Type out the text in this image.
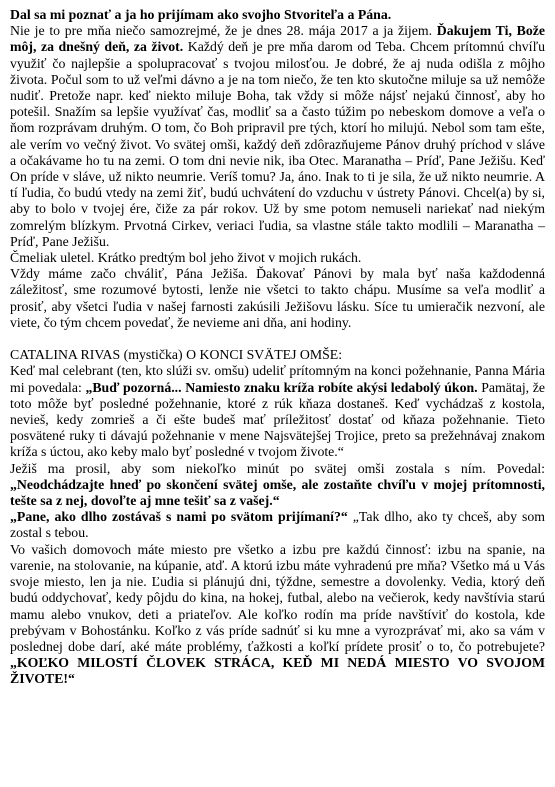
Dal sa mi poznať a ja ho prijímam ako svojho Stvoriteľa a Pána.

Nie je to pre mňa niečo samozrejmé, že je dnes 28. mája 2017 a ja žijem. Ďakujem Ti, Bože môj, za dnešný deň, za život. Každý deň je pre mňa darom od Teba. Chcem prítomnú chvíľu využiť čo najlepšie a spolupracovať s tvojou milosťou. Je dobré, že aj nuda odišla z môjho života. Počul som to už veľmi dávno a je na tom niečo, že ten kto skutočne miluje sa už nemôže nudiť. Pretože napr. keď niekto miluje Boha, tak vždy si môže nájsť nejakú činnosť, aby ho potešil. Snažím sa lepšie využívať čas, modliť sa a často túžim po nebeskom domove a veľa o ňom rozprávam druhým. O tom, čo Boh pripravil pre tých, ktorí ho milujú. Nebol som tam ešte, ale verím vo večný život. Vo svätej omši, každý deň zdôrazňujeme Pánov druhý príchod v sláve a očakávame ho tu na zemi. O tom dni nevie nik, iba Otec. Maranatha – Príď, Pane Ježišu. Keď On príde v sláve, už nikto neumrie. Veríš tomu? Ja, áno. Inak to ti je sila, že už nikto neumrie. A tí ľudia, čo budú vtedy na zemi žiť, budú uchvátení do vzduchu v ústrety Pánovi. Chcel(a) by si, aby to bolo v tvojej ére, čiže za pár rokov. Už by sme potom nemuseli nariekať nad niekým zomrelým blízkym. Prvotná Cirkev, veriaci ľudia, sa vlastne stále takto modlili – Maranatha – Príď, Pane Ježišu.

Čmeliak uletel. Krátko predtým bol jeho život v mojich rukách.

Vždy máme začo chváliť, Pána Ježiša. Ďakovať Pánovi by mala byť naša každodenná záležitosť, sme rozumové bytosti, lenže nie všetci to takto chápu. Musíme sa veľa modliť a prosiť, aby všetci ľudia v našej farnosti zakúsili Ježišovu lásku. Síce tu umieračik nezvoní, ale viete, čo tým chcem povedať, že nevieme ani dňa, ani hodiny.

CATALINA RIVAS (mystička) O KONCI SVÄTEJ OMŠE:

Keď mal celebrant (ten, kto slúži sv. omšu) udeliť prítomným na konci požehnanie, Panna Mária mi povedala: „Buď pozorná... Namiesto znaku kríža robíte akýsi ledabolý úkon. Pamätaj, že toto môže byť posledné požehnanie, ktoré z rúk kňaza dostaneš. Keď vychádzaš z kostola, nevieš, kedy zomrieš a či ešte budeš mať príležitosť dostať od kňaza požehnanie. Tieto posvätené ruky ti dávajú požehnanie v mene Najsvätejšej Trojice, preto sa prežehnávaj znakom kríža s úctou, ako keby malo byť posledné v tvojom živote.“

Ježiš ma prosil, aby som niekoľko minút po svätej omši zostala s ním. Povedal: „Neodchádzajte hneď po skončení svätej omše, ale zostaňte chvíľu v mojej prítomnosti, tešte sa z nej, dovoľte aj mne tešiť sa z vašej.“

„Pane, ako dlho zostávaš s nami po svätom prijímaní?“ „Tak dlho, ako ty chceš, aby som zostal s tebou.

Vo vašich domovoch máte miesto pre všetko a izbu pre každú činnosť: izbu na spanie, na varenie, na stolovanie, na kúpanie, atď. A ktorú izbu máte vyhradenú pre mňa? Všetko má u Vás svoje miesto, len ja nie. Ľudia si plánujú dni, týždne, semestre a dovolenky. Vedia, ktorý deň budú oddychovať, kedy pôjdu do kina, na hokej, futbal, alebo na večierok, kedy navštívia starú mamu alebo vnukov, deti a priateľov. Ale koľko rodín ma príde navštíviť do kostola, kde prebývam v Bohostánku. Koľko z vás príde sadnúť si ku mne a vyrozprávať mi, ako sa vám v poslednej dobe darí, aké máte problémy, ťažkosti a koľkí prídete prosiť o to, čo potrebujete? „KOĽKO MILOSTÍ ČLOVEK STRÁCA, KEĎ MI NEDÁ MIESTO VO SVOJOM ŽIVOTE!“
